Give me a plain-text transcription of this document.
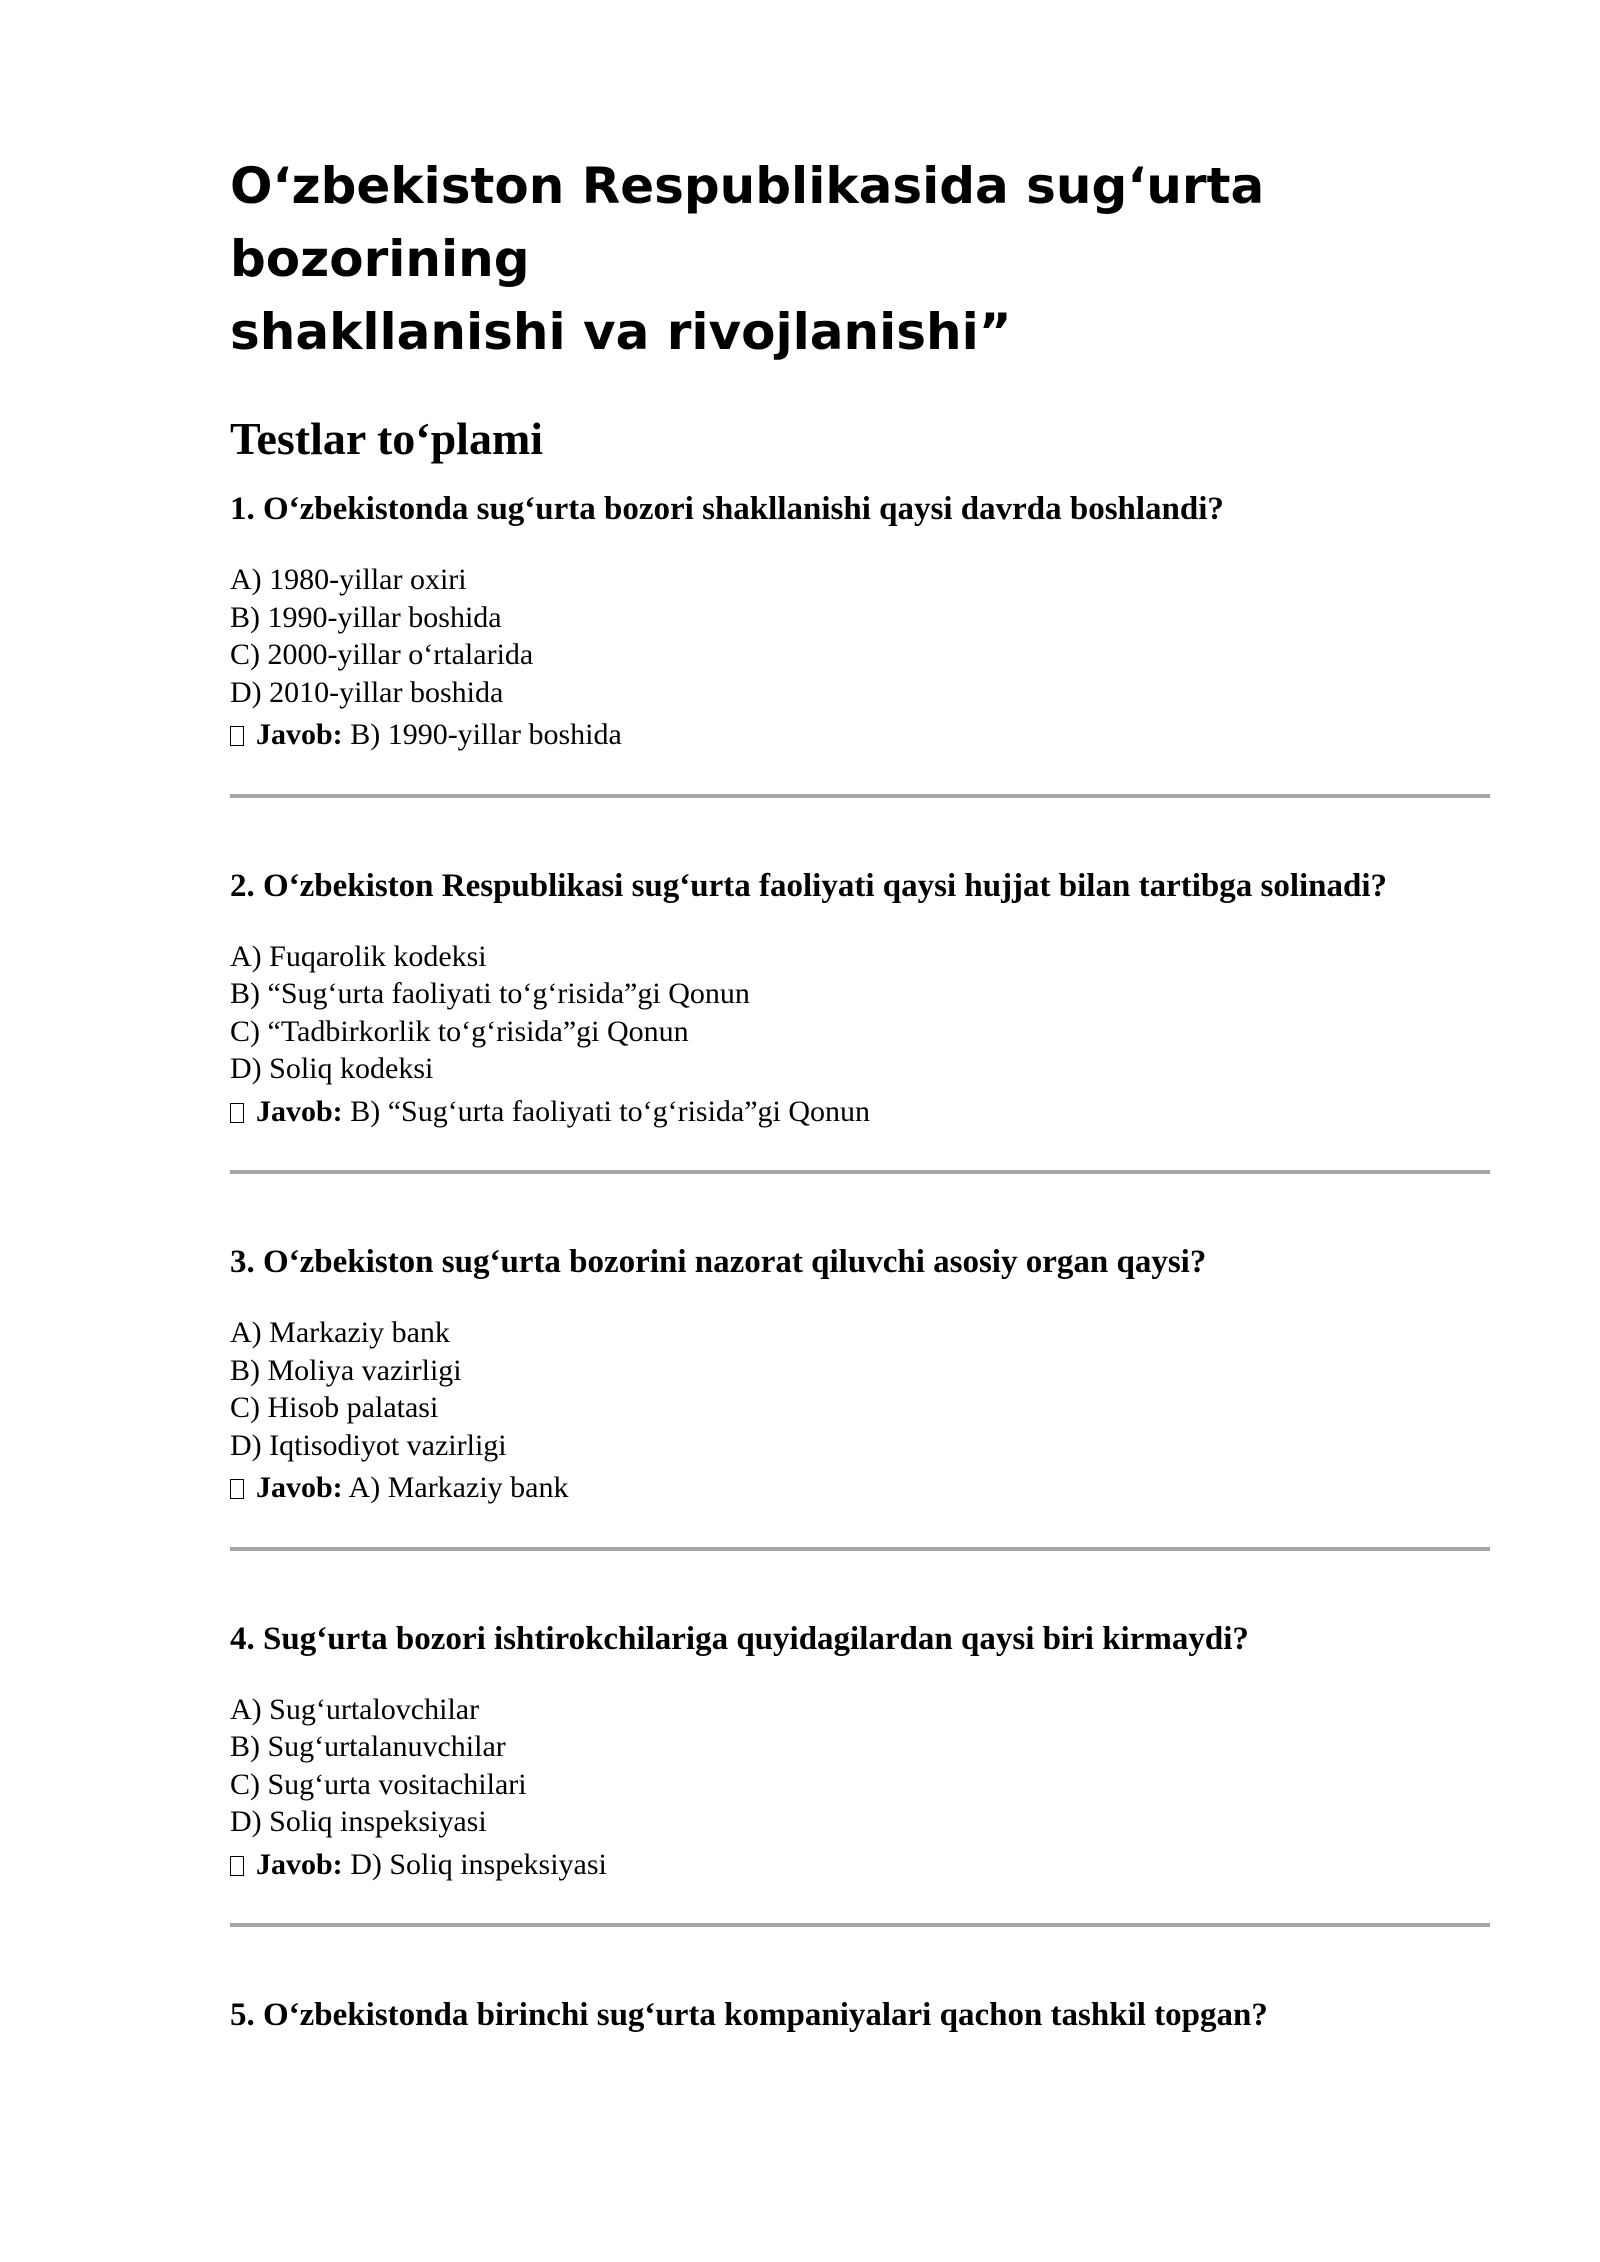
O‘zbekiston Respublikasida sug‘urta bozorining
shakllanishi va rivojlanishi”
Testlar to‘plami
1. O‘zbekistonda sug‘urta bozori shakllanishi qaysi davrda boshlandi?
A) 1980-yillar oxiri
B) 1990-yillar boshida
C) 2000-yillar o‘rtalarida
D) 2010-yillar boshida
Javob: B) 1990-yillar boshida
2. O‘zbekiston Respublikasi sug‘urta faoliyati qaysi hujjat bilan tartibga solinadi?
A) Fuqarolik kodeksi
B) “Sug‘urta faoliyati to‘g‘risida”gi Qonun
C) “Tadbirkorlik to‘g‘risida”gi Qonun
D) Soliq kodeksi
Javob: B) “Sug‘urta faoliyati to‘g‘risida”gi Qonun
3. O‘zbekiston sug‘urta bozorini nazorat qiluvchi asosiy organ qaysi?
A) Markaziy bank
B) Moliya vazirligi
C) Hisob palatasi
D) Iqtisodiyot vazirligi
Javob: A) Markaziy bank
4. Sug‘urta bozori ishtirokchilariga quyidagilardan qaysi biri kirmaydi?
A) Sug‘urtalovchilar
B) Sug‘urtalanuvchilar
C) Sug‘urta vositachilari
D) Soliq inspeksiyasi
Javob: D) Soliq inspeksiyasi
5. O‘zbekistonda birinchi sug‘urta kompaniyalari qachon tashkil topgan?
